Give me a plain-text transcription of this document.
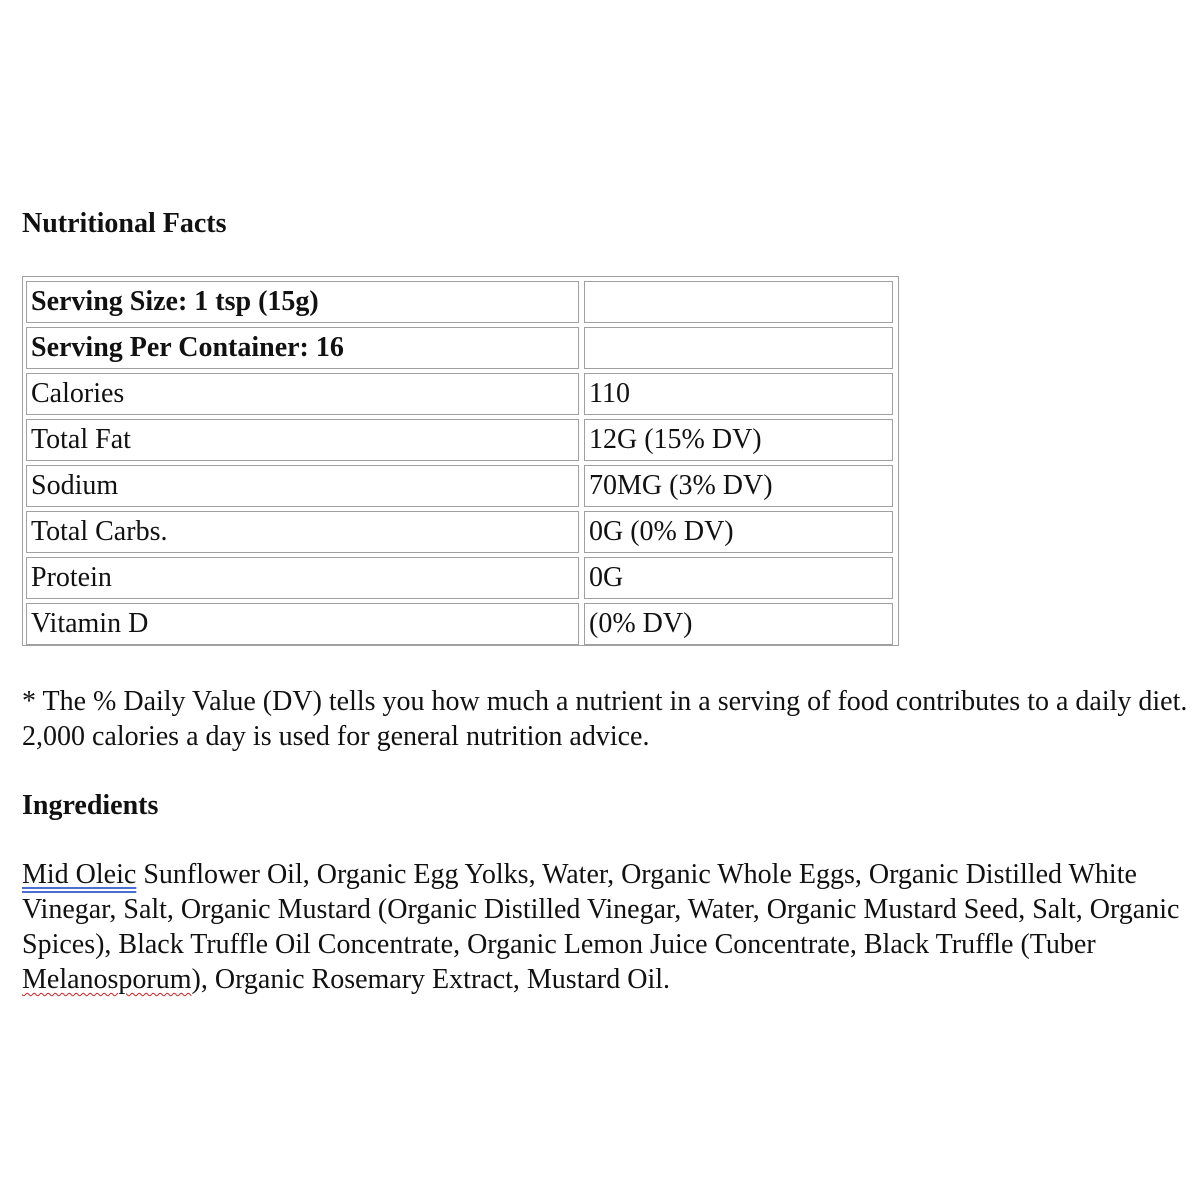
Nutritional Facts
Serving Size: 1 tsp (15g)	
Serving Per Container: 16	
Calories	110
Total Fat	12G (15% DV)
Sodium	70MG (3% DV)
Total Carbs.	0G (0% DV)
Protein	0G
Vitamin D	(0% DV)
* The % Daily Value (DV) tells you how much a nutrient in a serving of food contributes to a daily diet. 2,000 calories a day is used for general nutrition advice.
Ingredients
Mid Oleic Sunflower Oil, Organic Egg Yolks, Water, Organic Whole Eggs, Organic Distilled White Vinegar, Salt, Organic Mustard (Organic Distilled Vinegar, Water, Organic Mustard Seed, Salt, Organic Spices), Black Truffle Oil Concentrate, Organic Lemon Juice Concentrate, Black Truffle (Tuber Melanosporum), Organic Rosemary Extract, Mustard Oil.
